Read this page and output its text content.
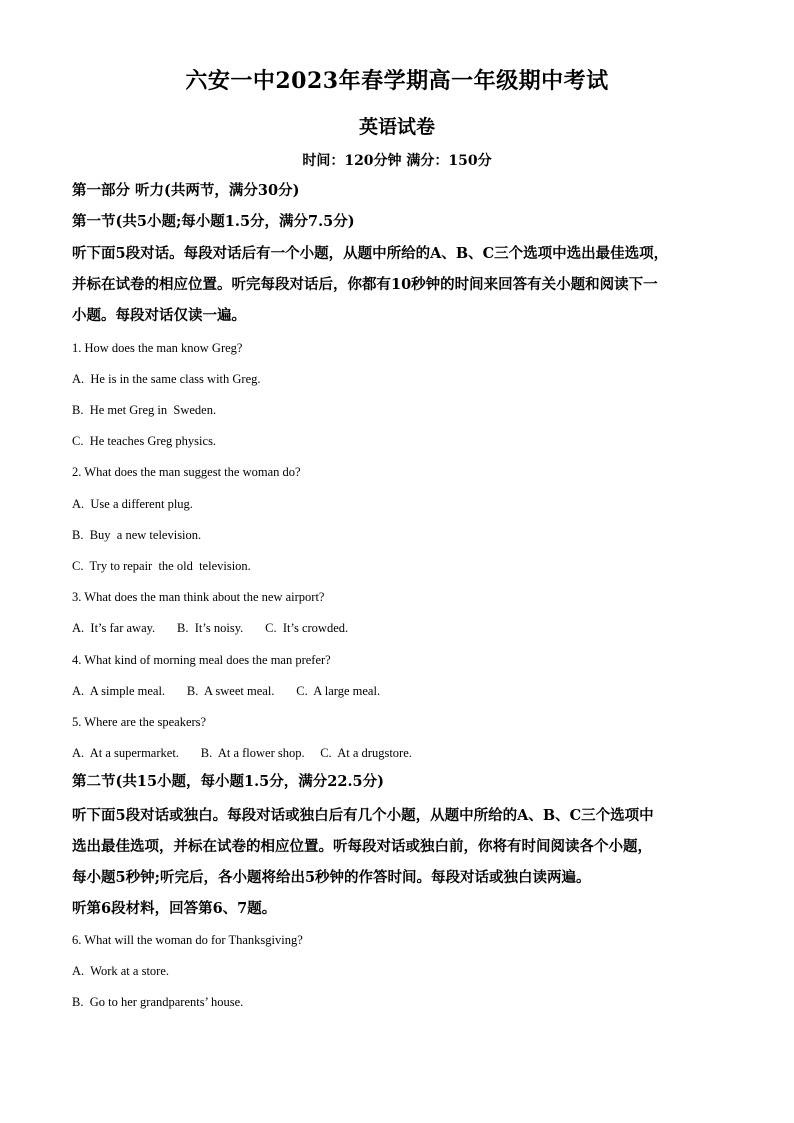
六安一中2023年春学期高一年级期中考试
英语试卷
时间：120分钟 满分：150分
第一部分 听力(共两节，满分30分)
第一节(共5小题;每小题1.5分，满分7.5分)
听下面5段对话。每段对话后有一个小题，从题中所给的A、B、C三个选项中选出最佳选项，
并标在试卷的相应位置。听完每段对话后，你都有10秒钟的时间来回答有关小题和阅读下一
小题。每段对话仅读一遍。
1. How does the man know Greg?
A.  He is in the same class with Greg.
B.  He met Greg in  Sweden.
C.  He teaches Greg physics.
2. What does the man suggest the woman do?
A.  Use a different plug.
B.  Buy  a new television.
C.  Try to repair  the old  television.
3. What does the man think about the new airport?
A.  It’s far away.       B.  It’s noisy.       C.  It’s crowded.
4. What kind of morning meal does the man prefer?
A.  A simple meal.       B.  A sweet meal.       C.  A large meal.
5. Where are the speakers?
A.  At a supermarket.       B.  At a flower shop.     C.  At a drugstore.
第二节(共15小题，每小题1.5分，满分22.5分)
听下面5段对话或独白。每段对话或独白后有几个小题，从题中所给的A、B、C三个选项中
选出最佳选项，并标在试卷的相应位置。听每段对话或独白前，你将有时间阅读各个小题，
每小题5秒钟;听完后，各小题将给出5秒钟的作答时间。每段对话或独白读两遍。
听第6段材料，回答第6、7题。
6. What will the woman do for Thanksgiving?
A.  Work at a store.
B.  Go to her grandparents’ house.
